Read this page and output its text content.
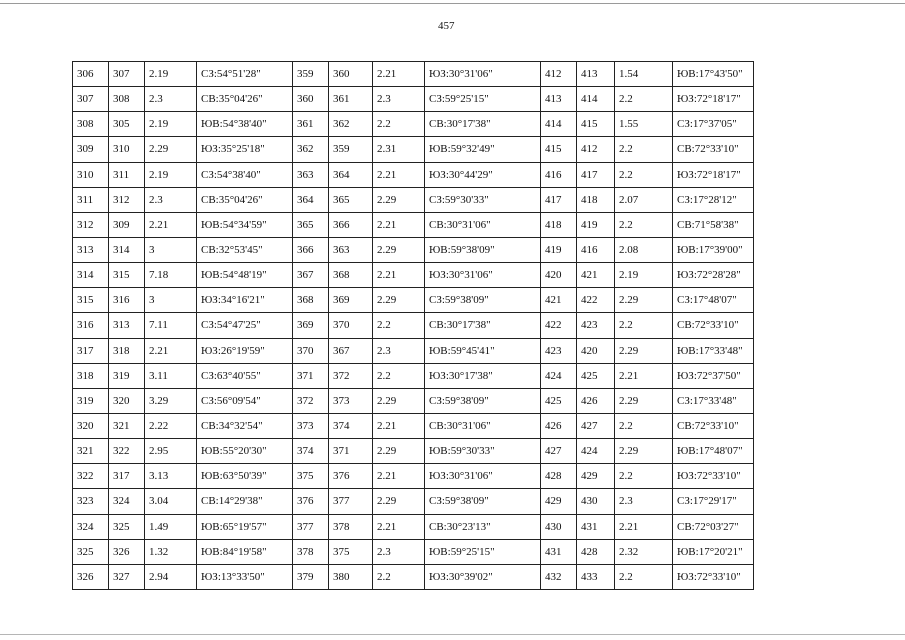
457
306	307	2.19	СЗ:54°51'28"	359	360	2.21	ЮЗ:30°31'06"	412	413	1.54	ЮВ:17°43'50"
307	308	2.3	СВ:35°04'26"	360	361	2.3	СЗ:59°25'15"	413	414	2.2	ЮЗ:72°18'17"
308	305	2.19	ЮВ:54°38'40"	361	362	2.2	СВ:30°17'38"	414	415	1.55	СЗ:17°37'05"
309	310	2.29	ЮЗ:35°25'18"	362	359	2.31	ЮВ:59°32'49"	415	412	2.2	СВ:72°33'10"
310	311	2.19	СЗ:54°38'40"	363	364	2.21	ЮЗ:30°44'29"	416	417	2.2	ЮЗ:72°18'17"
311	312	2.3	СВ:35°04'26"	364	365	2.29	СЗ:59°30'33"	417	418	2.07	СЗ:17°28'12"
312	309	2.21	ЮВ:54°34'59"	365	366	2.21	СВ:30°31'06"	418	419	2.2	СВ:71°58'38"
313	314	3	СВ:32°53'45"	366	363	2.29	ЮВ:59°38'09"	419	416	2.08	ЮВ:17°39'00"
314	315	7.18	ЮВ:54°48'19"	367	368	2.21	ЮЗ:30°31'06"	420	421	2.19	ЮЗ:72°28'28"
315	316	3	ЮЗ:34°16'21"	368	369	2.29	СЗ:59°38'09"	421	422	2.29	СЗ:17°48'07"
316	313	7.11	СЗ:54°47'25"	369	370	2.2	СВ:30°17'38"	422	423	2.2	СВ:72°33'10"
317	318	2.21	ЮЗ:26°19'59"	370	367	2.3	ЮВ:59°45'41"	423	420	2.29	ЮВ:17°33'48"
318	319	3.11	СЗ:63°40'55"	371	372	2.2	ЮЗ:30°17'38"	424	425	2.21	ЮЗ:72°37'50"
319	320	3.29	СЗ:56°09'54"	372	373	2.29	СЗ:59°38'09"	425	426	2.29	СЗ:17°33'48"
320	321	2.22	СВ:34°32'54"	373	374	2.21	СВ:30°31'06"	426	427	2.2	СВ:72°33'10"
321	322	2.95	ЮВ:55°20'30"	374	371	2.29	ЮВ:59°30'33"	427	424	2.29	ЮВ:17°48'07"
322	317	3.13	ЮВ:63°50'39"	375	376	2.21	ЮЗ:30°31'06"	428	429	2.2	ЮЗ:72°33'10"
323	324	3.04	СВ:14°29'38"	376	377	2.29	СЗ:59°38'09"	429	430	2.3	СЗ:17°29'17"
324	325	1.49	ЮВ:65°19'57"	377	378	2.21	СВ:30°23'13"	430	431	2.21	СВ:72°03'27"
325	326	1.32	ЮВ:84°19'58"	378	375	2.3	ЮВ:59°25'15"	431	428	2.32	ЮВ:17°20'21"
326	327	2.94	ЮЗ:13°33'50"	379	380	2.2	ЮЗ:30°39'02"	432	433	2.2	ЮЗ:72°33'10"
